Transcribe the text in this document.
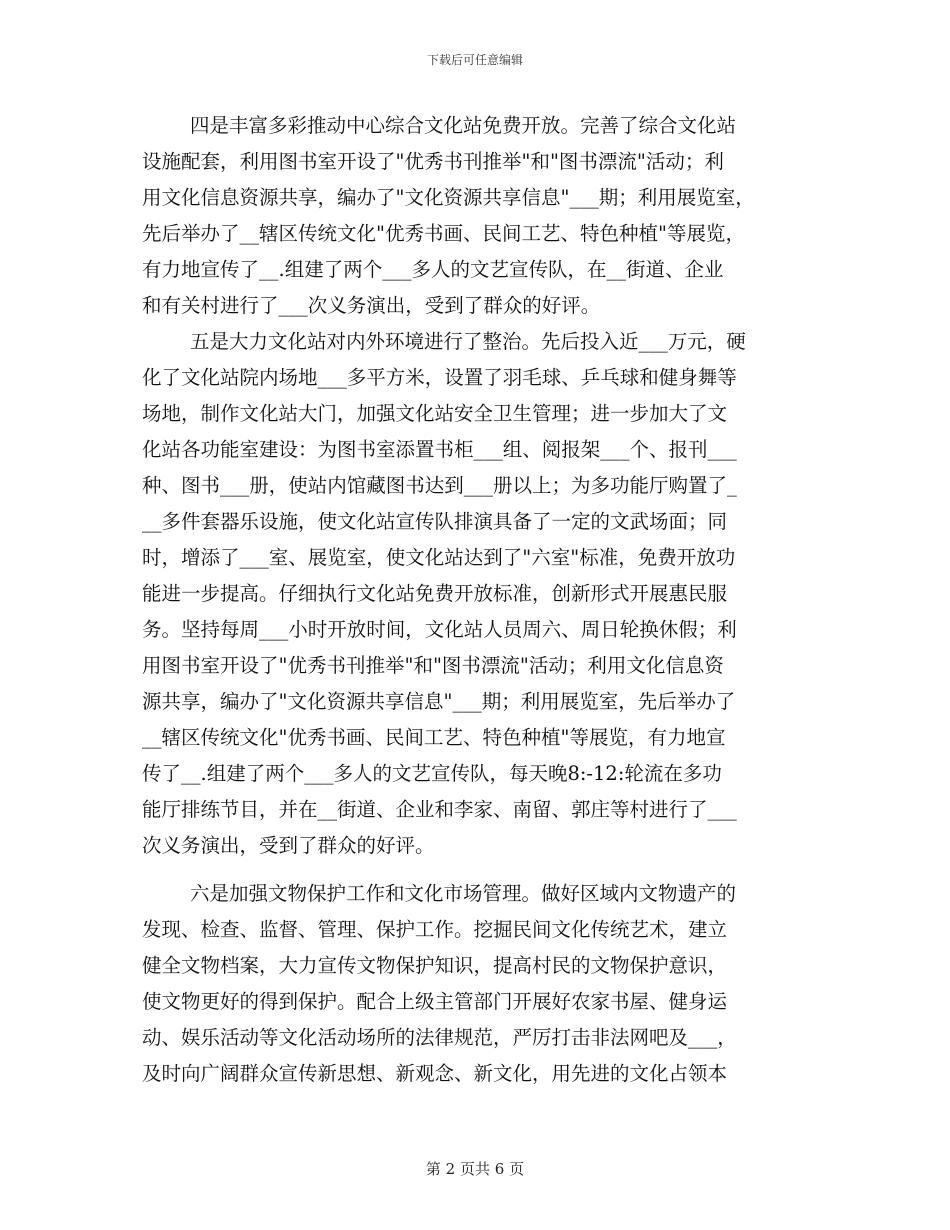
下载后可任意编辑
四是丰富多彩推动中心综合文化站免费开放。完善了综合文化站
设施配套，利用图书室开设了"优秀书刊推举"和"图书漂流"活动；利
用文化信息资源共享，编办了"文化资源共享信息"___期；利用展览室，
先后举办了__辖区传统文化"优秀书画、民间工艺、特色种植"等展览，
有力地宣传了__.组建了两个___多人的文艺宣传队，在__街道、企业
和有关村进行了___次义务演出，受到了群众的好评。
五是大力文化站对内外环境进行了整治。先后投入近___万元，硬
化了文化站院内场地___多平方米，设置了羽毛球、乒乓球和健身舞等
场地，制作文化站大门，加强文化站安全卫生管理；进一步加大了文
化站各功能室建设：为图书室添置书柜___组、阅报架___个、报刊___
种、图书___册，使站内馆藏图书达到___册以上；为多功能厅购置了_
__多件套器乐设施，使文化站宣传队排演具备了一定的文武场面；同
时，增添了___室、展览室，使文化站达到了"六室"标准，免费开放功
能进一步提高。仔细执行文化站免费开放标准，创新形式开展惠民服
务。坚持每周___小时开放时间，文化站人员周六、周日轮换休假；利
用图书室开设了"优秀书刊推举"和"图书漂流"活动；利用文化信息资
源共享，编办了"文化资源共享信息"___期；利用展览室，先后举办了
__辖区传统文化"优秀书画、民间工艺、特色种植"等展览，有力地宣
传了__.组建了两个___多人的文艺宣传队，每天晚8:-12:轮流在多功
能厅排练节目，并在__街道、企业和李家、南留、郭庄等村进行了___
次义务演出，受到了群众的好评。
六是加强文物保护工作和文化市场管理。做好区域内文物遗产的
发现、检查、监督、管理、保护工作。挖掘民间文化传统艺术，建立
健全文物档案，大力宣传文物保护知识，提高村民的文物保护意识，
使文物更好的得到保护。配合上级主管部门开展好农家书屋、健身运
动、娱乐活动等文化活动场所的法律规范，严厉打击非法网吧及___，
及时向广阔群众宣传新思想、新观念、新文化，用先进的文化占领本
第 2 页共 6 页
